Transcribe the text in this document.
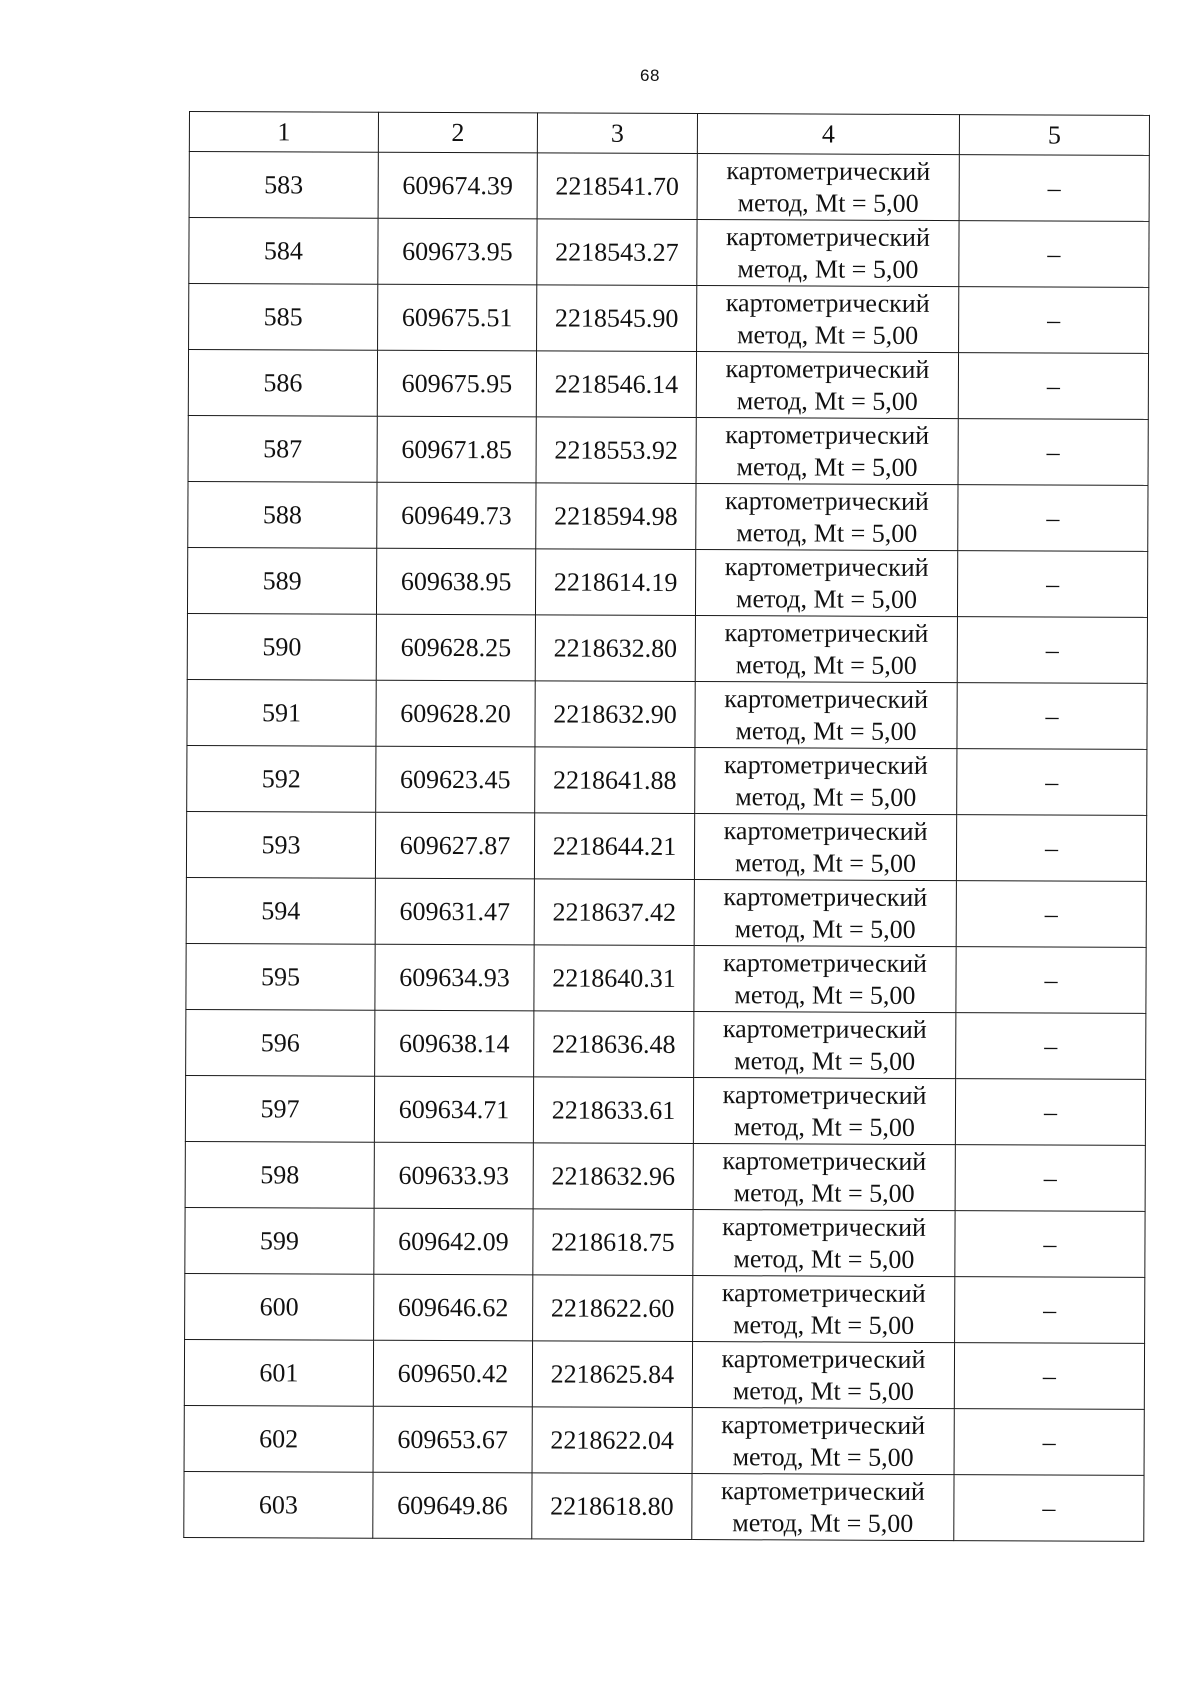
68
1	2	3	4	5
583	609674.39	2218541.70	картометрический
метод, Mt = 5,00	–
584	609673.95	2218543.27	картометрический
метод, Mt = 5,00	–
585	609675.51	2218545.90	картометрический
метод, Mt = 5,00	–
586	609675.95	2218546.14	картометрический
метод, Mt = 5,00	–
587	609671.85	2218553.92	картометрический
метод, Mt = 5,00	–
588	609649.73	2218594.98	картометрический
метод, Mt = 5,00	–
589	609638.95	2218614.19	картометрический
метод, Mt = 5,00	–
590	609628.25	2218632.80	картометрический
метод, Mt = 5,00	–
591	609628.20	2218632.90	картометрический
метод, Mt = 5,00	–
592	609623.45	2218641.88	картометрический
метод, Mt = 5,00	–
593	609627.87	2218644.21	картометрический
метод, Mt = 5,00	–
594	609631.47	2218637.42	картометрический
метод, Mt = 5,00	–
595	609634.93	2218640.31	картометрический
метод, Mt = 5,00	–
596	609638.14	2218636.48	картометрический
метод, Mt = 5,00	–
597	609634.71	2218633.61	картометрический
метод, Mt = 5,00	–
598	609633.93	2218632.96	картометрический
метод, Mt = 5,00	–
599	609642.09	2218618.75	картометрический
метод, Mt = 5,00	–
600	609646.62	2218622.60	картометрический
метод, Mt = 5,00	–
601	609650.42	2218625.84	картометрический
метод, Mt = 5,00	–
602	609653.67	2218622.04	картометрический
метод, Mt = 5,00	–
603	609649.86	2218618.80	картометрический
метод, Mt = 5,00	–
